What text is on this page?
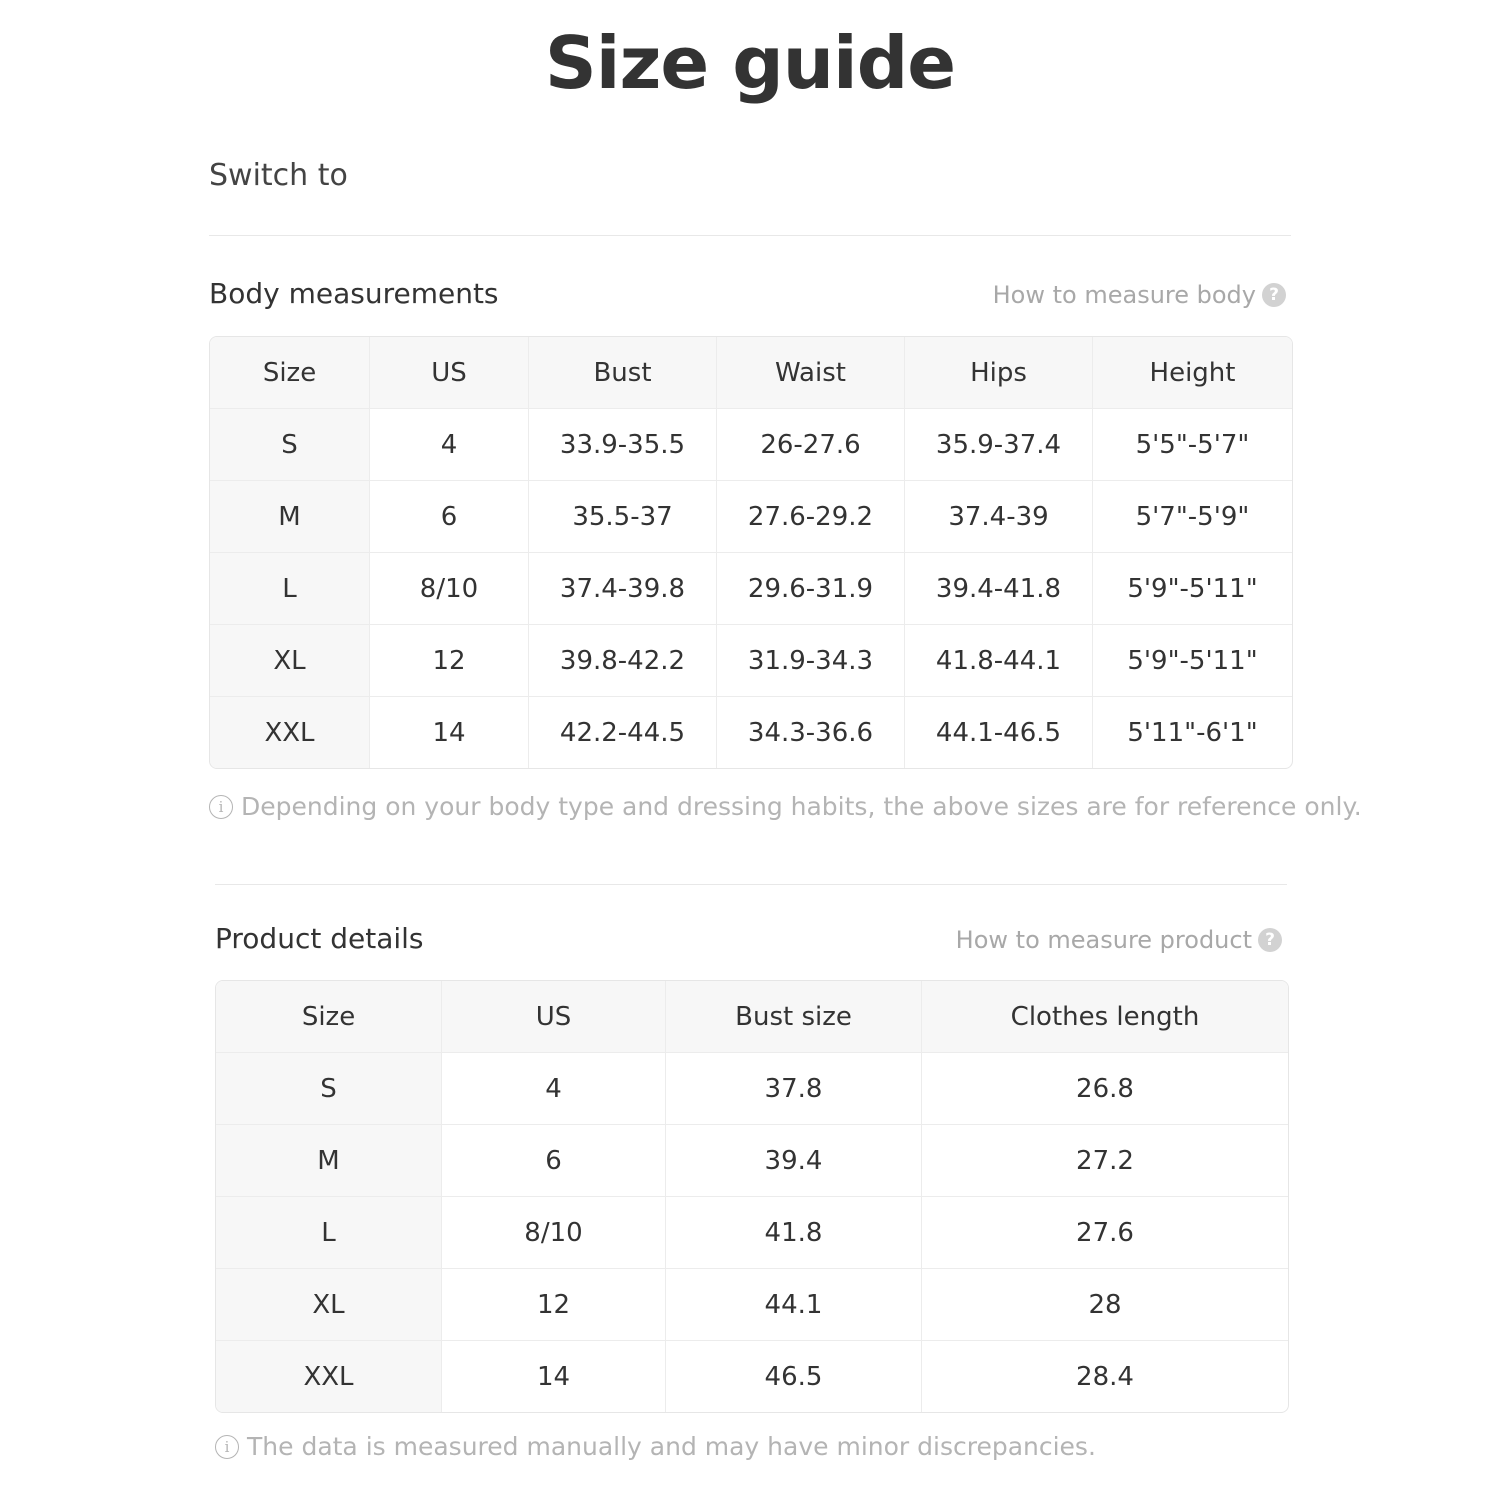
Size guide
Switch to
Body measurements	How to measure body ?
Size	US	Bust	Waist	Hips	Height
S	4	33.9-35.5	26-27.6	35.9-37.4	5'5"-5'7"
M	6	35.5-37	27.6-29.2	37.4-39	5'7"-5'9"
L	8/10	37.4-39.8	29.6-31.9	39.4-41.8	5'9"-5'11"
XL	12	39.8-42.2	31.9-34.3	41.8-44.1	5'9"-5'11"
XXL	14	42.2-44.5	34.3-36.6	44.1-46.5	5'11"-6'1"
i Depending on your body type and dressing habits, the above sizes are for reference only.
Product details	How to measure product ?
Size	US	Bust size	Clothes length
S	4	37.8	26.8
M	6	39.4	27.2
L	8/10	41.8	27.6
XL	12	44.1	28
XXL	14	46.5	28.4
i The data is measured manually and may have minor discrepancies.
